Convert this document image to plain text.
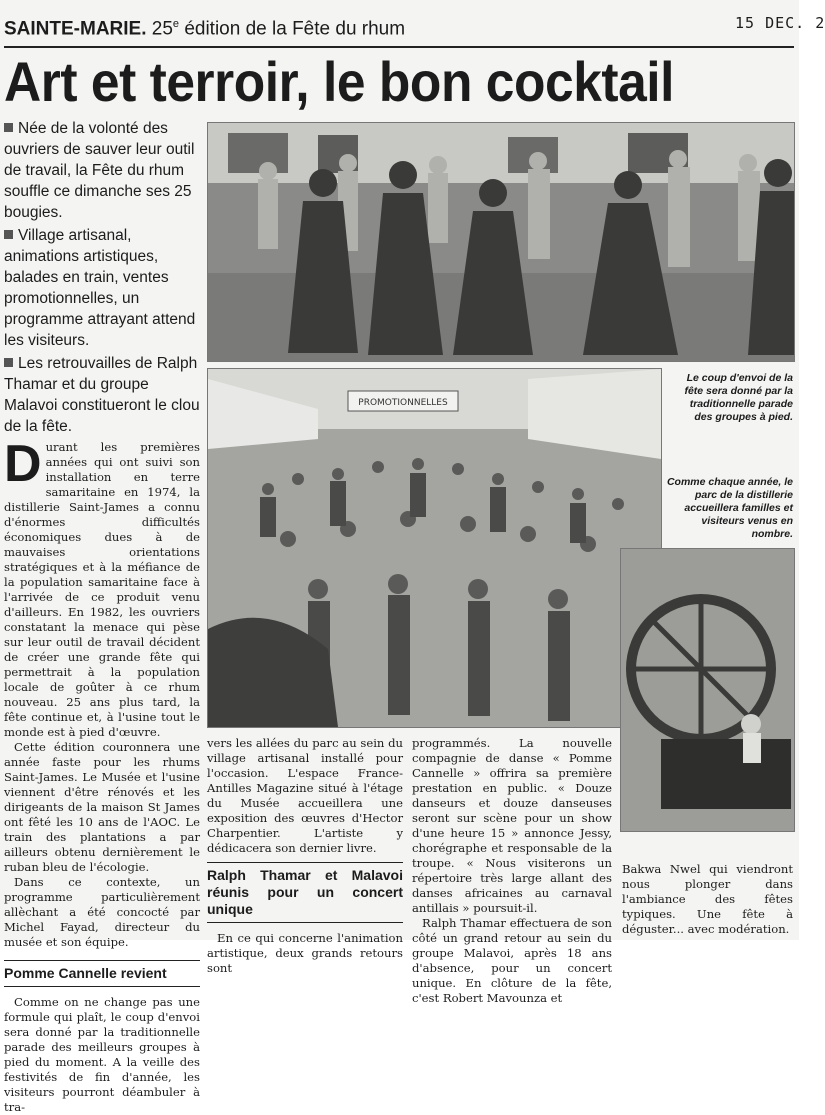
SAINTE-MARIE. 25e édition de la Fête du rhum	15 DEC. 2
Art et terroir, le bon cocktail

Née de la volonté des ouvriers de sauver leur outil de travail, la Fête du rhum souffle ce dimanche ses 25 bougies.

Village artisanal, animations artistiques, balades en train, ventes promotionnelles, un programme attrayant attend les visiteurs.

Les retrouvailles de Ralph Thamar et du groupe Malavoi constitueront le clou de la fête.

PROMOTIONNELLES
Le coup d'envoi de la fête sera donné par la traditionnelle parade des groupes à pied.
Comme chaque année, le parc de la distillerie accueillera familles et visiteurs venus en nombre.
D urant les premières années qui ont suivi son installation en terre samaritaine en 1974, la distillerie Saint-James a connu d'énormes difficultés économiques dues à de mauvaises orientations stratégiques et à la méfiance de la population samaritaine face à l'arrivée de ce produit venu d'ailleurs. En 1982, les ouvriers constatant la menace qui pèse sur leur outil de travail décident de créer une grande fête qui permettrait à la population locale de goûter à ce rhum nouveau. 25 ans plus tard, la fête continue et, à l'usine tout le monde est à pied d'œuvre.

Cette édition couronnera une année faste pour les rhums Saint-James. Le Musée et l'usine viennent d'être rénovés et les dirigeants de la maison St James ont fêté les 10 ans de l'AOC. Le train des plantations a par ailleurs obtenu dernièrement le ruban bleu de l'écologie.

Dans ce contexte, un programme particulièrement allèchant a été concocté par Michel Fayad, directeur du musée et son équipe.

Pomme Cannelle revient

Comme on ne change pas une formule qui plaît, le coup d'envoi sera donné par la traditionnelle parade des meilleurs groupes à pied du moment. A la veille des festivités de fin d'année, les visiteurs pourront déambuler à tra-

vers les allées du parc au sein du village artisanal installé pour l'occasion. L'espace France-Antilles Magazine situé à l'étage du Musée accueillera une exposition des œuvres d'Hector Charpentier. L'artiste y dédicacera son dernier livre.

Ralph Thamar et Malavoi réunis pour un concert unique

En ce qui concerne l'animation artistique, deux grands retours sont

programmés. La nouvelle compagnie de danse « Pomme Cannelle » offrira sa première prestation en public. « Douze danseurs et douze danseuses seront sur scène pour un show d'une heure 15 » annonce Jessy, chorégraphe et responsable de la troupe. « Nous visiterons un répertoire très large allant des danses africaines au carnaval antillais » poursuit-il.

Ralph Thamar effectuera de son côté un grand retour au sein du groupe Malavoi, après 18 ans d'absence, pour un concert unique. En clôture de la fête, c'est Robert Mavounza et

Bakwa Nwel qui viendront nous plonger dans l'ambiance des fêtes typiques. Une fête à déguster... avec modération.
